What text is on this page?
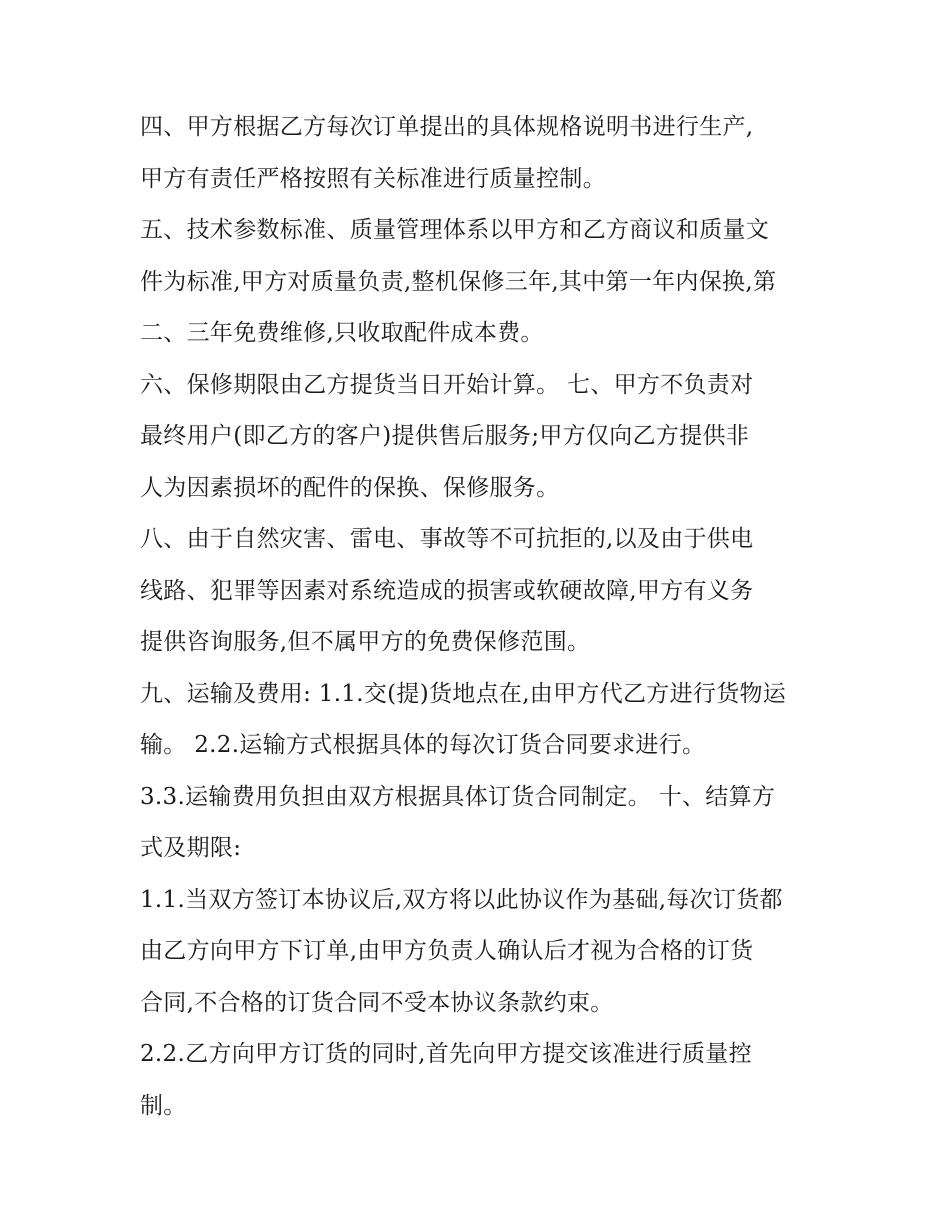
四、甲方根据乙方每次订单提出的具体规格说明书进行生产,

甲方有责任严格按照有关标准进行质量控制。

五、技术参数标准、质量管理体系以甲方和乙方商议和质量文

件为标准,甲方对质量负责,整机保修三年,其中第一年内保换,第

二、三年免费维修,只收取配件成本费。

六、保修期限由乙方提货当日开始计算。 七、甲方不负责对

最终用户(即乙方的客户)提供售后服务;甲方仅向乙方提供非

人为因素损坏的配件的保换、保修服务。

八、由于自然灾害、雷电、事故等不可抗拒的,以及由于供电

线路、犯罪等因素对系统造成的损害或软硬故障,甲方有义务

提供咨询服务,但不属甲方的免费保修范围。

九、运输及费用: 1.1.交(提)货地点在,由甲方代乙方进行货物运

输。 2.2.运输方式根据具体的每次订货合同要求进行。

3.3.运输费用负担由双方根据具体订货合同制定。 十、结算方

式及期限:

1.1.当双方签订本协议后,双方将以此协议作为基础,每次订货都

由乙方向甲方下订单,由甲方负责人确认后才视为合格的订货

合同,不合格的订货合同不受本协议条款约束。

2.2.乙方向甲方订货的同时,首先向甲方提交该准进行质量控

制。
